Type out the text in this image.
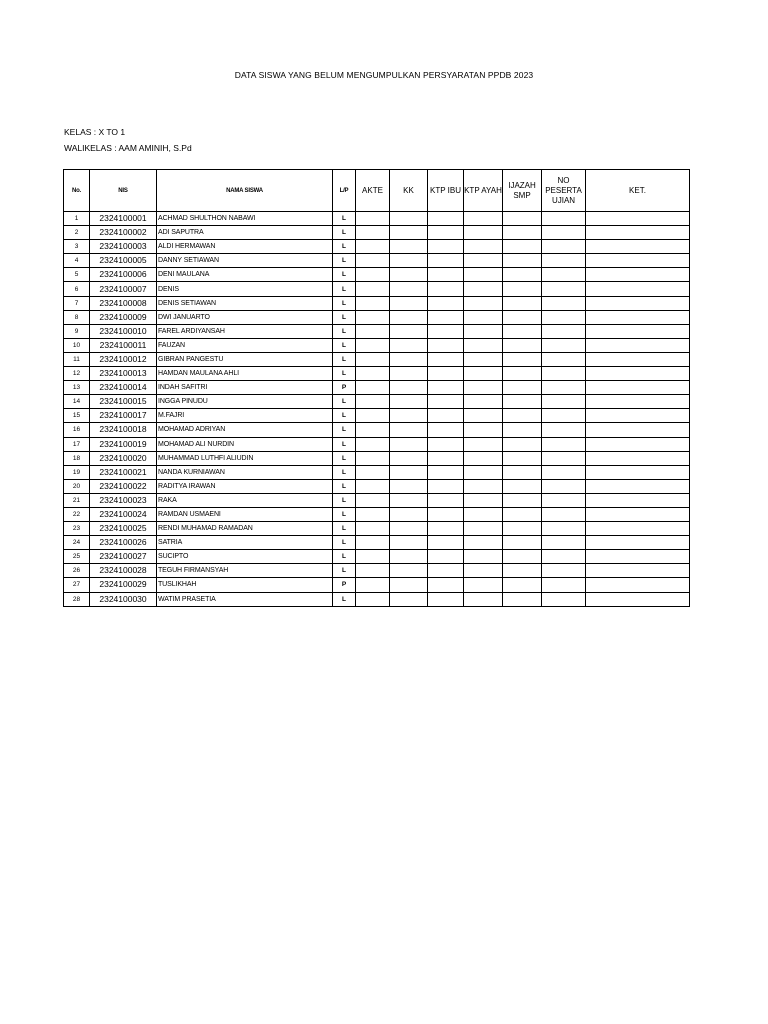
DATA SISWA YANG BELUM MENGUMPULKAN PERSYARATAN PPDB 2023
KELAS : X TO 1
WALIKELAS : AAM AMINIH, S.Pd
No.	NIS	NAMA SISWA	L/P	AKTE	KK	KTP IBU	KTP AYAH	IJAZAH SMP	NO PESERTA UJIAN	KET.
1	2324100001	ACHMAD SHULTHON NABAWI	L							
2	2324100002	ADI SAPUTRA	L							
3	2324100003	ALDI HERMAWAN	L							
4	2324100005	DANNY SETIAWAN	L							
5	2324100006	DENI MAULANA	L							
6	2324100007	DENIS	L							
7	2324100008	DENIS SETIAWAN	L							
8	2324100009	DWI JANUARTO	L							
9	2324100010	FAREL ARDIYANSAH	L							
10	2324100011	FAUZAN	L							
11	2324100012	GIBRAN PANGESTU	L							
12	2324100013	HAMDAN MAULANA AHLI	L							
13	2324100014	INDAH SAFITRI	P							
14	2324100015	INGGA PINUDU	L							
15	2324100017	M.FAJRI	L							
16	2324100018	MOHAMAD ADRIYAN	L							
17	2324100019	MOHAMAD ALI NURDIN	L							
18	2324100020	MUHAMMAD LUTHFI ALIUDIN	L							
19	2324100021	NANDA KURNIAWAN	L							
20	2324100022	RADITYA IRAWAN	L							
21	2324100023	RAKA	L							
22	2324100024	RAMDAN USMAENI	L							
23	2324100025	RENDI MUHAMAD RAMADAN	L							
24	2324100026	SATRIA	L							
25	2324100027	SUCIPTO	L							
26	2324100028	TEGUH FIRMANSYAH	L							
27	2324100029	TUSLIKHAH	P							
28	2324100030	WATIM PRASETIA	L							
